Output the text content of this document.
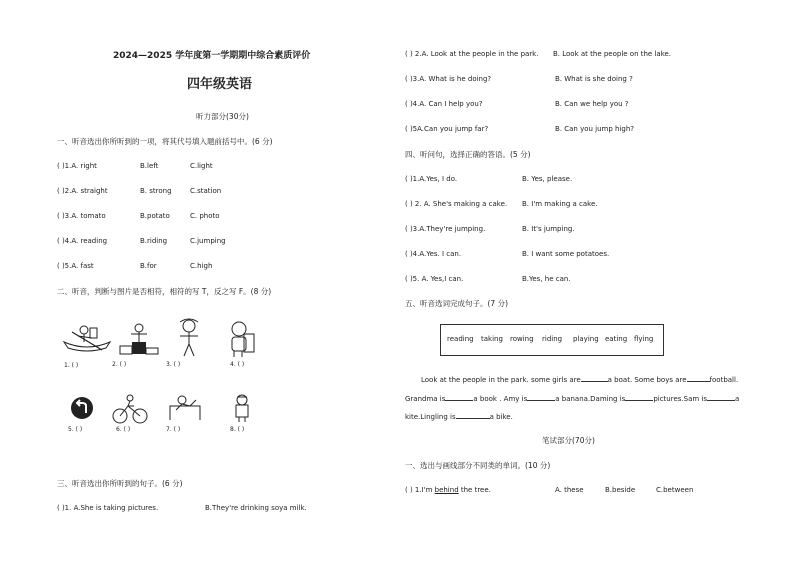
2024—2025 学年度第一学期期中综合素质评价
四年级英语
听力部分(30分)
一、听音选出你所听到的一项，将其代号填入题前括号中。(6 分)
( )1.A. right	B.left	C.light
( )2.A. straight	B. strong	C.station
( )3.A. tomato	B.potato	C. photo
( )4.A. reading	B.riding	C.jumping
( )5.A. fast	B.for	C.high
二、听音，判断与图片是否相符，相符的写 T，反之写 F。(8 分)
1. ( )	2. ( )	3. ( )	4. ( )
5. ( )	6. ( )	7. ( )	8. ( )
三、听音选出你所听到的句子。(6 分)
( )1. A.She is taking pictures.	B.They're drinking soya milk.
( ) 2.A. Look at the people in the park. B. Look at the people on the lake.
( )3.A. What is he doing?	B. What is she doing ?
( )4.A. Can I help you?	B. Can we help you ?
( )5A.Can you jump far?	B. Can you jump high?
四、听问句，选择正确的答语。(5 分)
( )1.A.Yes, I do.	B. Yes, please.
( ) 2. A. She's making a cake. B. I'm making a cake.
( )3.A.They're jumping.	B. It's jumping.
( )4.A.Yes. I can.	B. I want some potatoes.
( )5. A. Yes,I can.	B.Yes, he can.
五、听音选词完成句子。(7 分)
reading taking rowing riding playing eating flying
Look at the people in the park. some girls are	a boat. Some boys are	football.
Grandma is	a book . Amy is	a banana.Daming is	pictures.Sam is	a
kite.Lingling is	a bike.
笔试部分(70分)
一、选出与画线部分不同类的单词。(10 分)
( ) 1.I'm behind the tree.	A. these	B.beside	C.between
